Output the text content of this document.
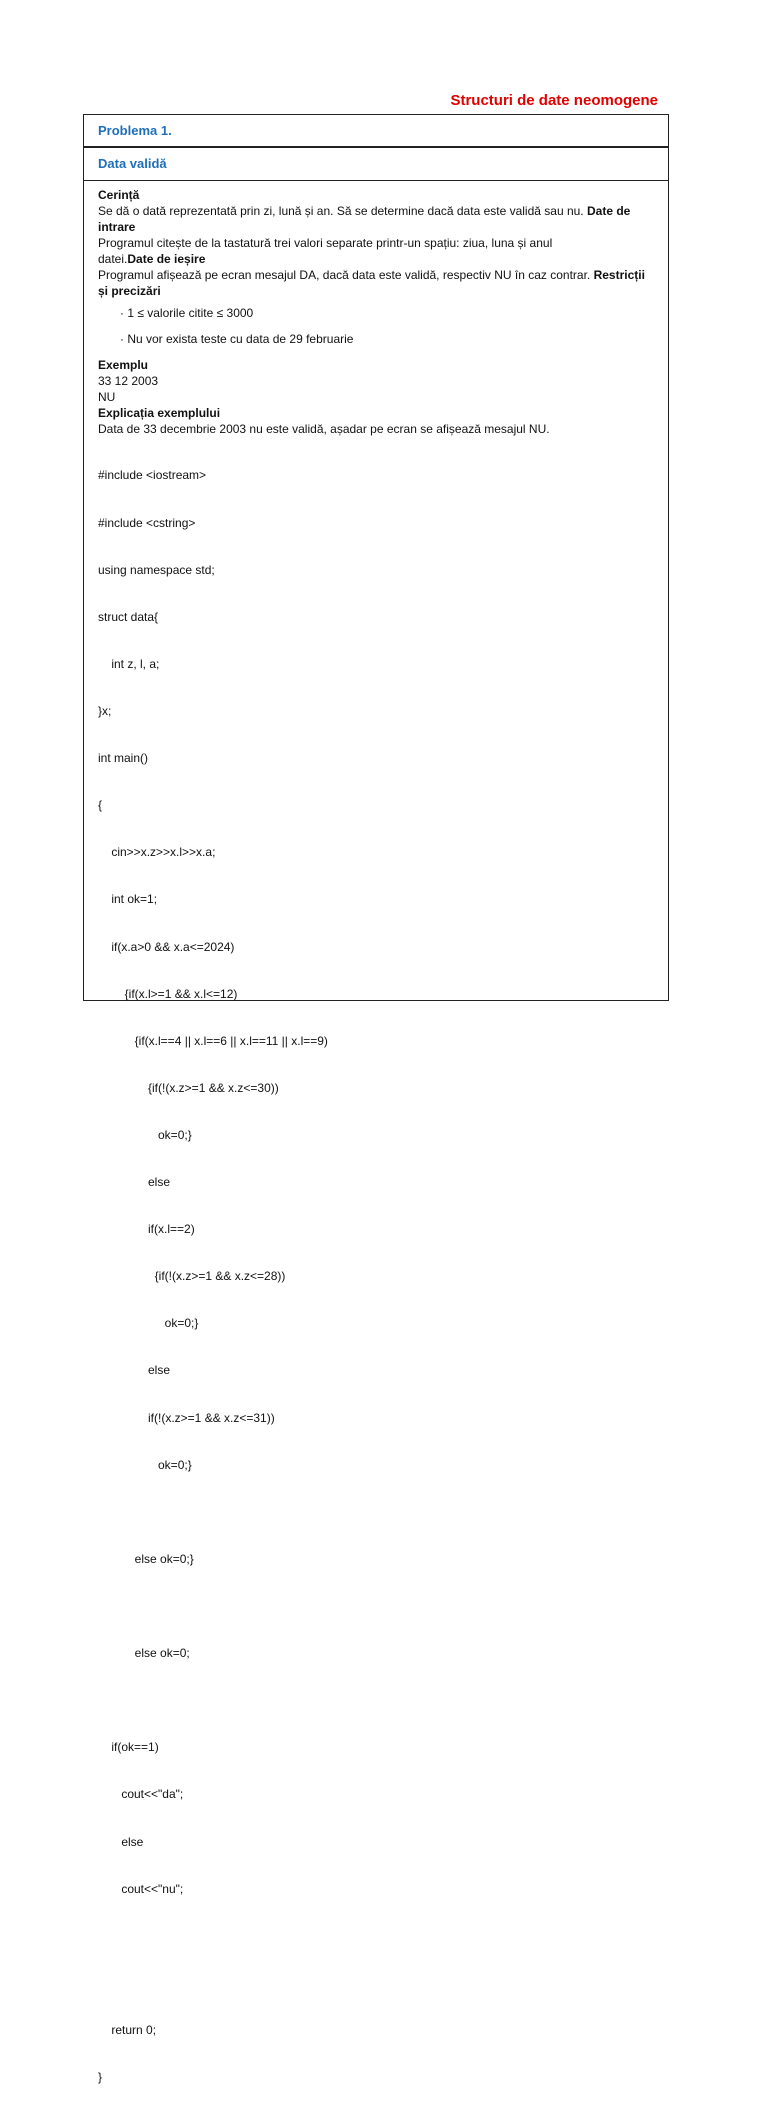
Structuri de date neomogene
Problema 1.
Data validă

Cerință

Se dă o dată reprezentată prin zi, lună și an. Să se determine dacă data este validă sau nu. Date de intrare

Programul citește de la tastatură trei valori separate printr-un spațiu: ziua, luna și anul

datei.Date de ieșire

Programul afișează pe ecran mesajul DA, dacă data este validă, respectiv NU în caz contrar. Restricții și precizări

· 1 ≤ valorile citite ≤ 3000

· Nu vor exista teste cu data de 29 februarie

Exemplu

33 12 2003

NU

Explicația exemplului

Data de 33 decembrie 2003 nu este validă, așadar pe ecran se afișează mesajul NU.

#include <iostream>

#include <cstring>

using namespace std;

struct data{

int z, l, a;

}x;

int main()

{

cin>>x.z>>x.l>>x.a;

int ok=1;

if(x.a>0 && x.a<=2024)

{if(x.l>=1 && x.l<=12)

{if(x.l==4 || x.l==6 || x.l==11 || x.l==9)

{if(!(x.z>=1 && x.z<=30))

ok=0;}

else

if(x.l==2)

{if(!(x.z>=1 && x.z<=28))

ok=0;}

else

if(!(x.z>=1 && x.z<=31))

ok=0;}

else ok=0;}

else ok=0;

if(ok==1)

cout<<"da";

else

cout<<"nu";

return 0;

}
